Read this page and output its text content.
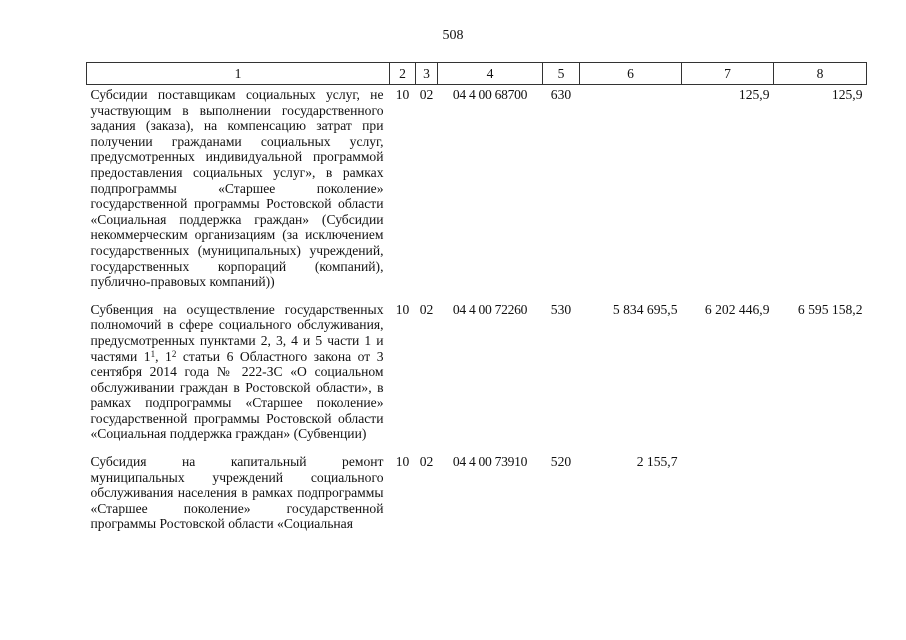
508
1	2	3	4	5	6	7	8
Субсидии поставщикам социальных услуг, не участвующим в выполнении государственного задания (заказа), на компенсацию затрат при получении гражданами социальных услуг, предусмотренных индивидуальной программой предоставления социальных услуг», в рамках подпрограммы «Старшее поколение» государственной программы Ростовской области «Социальная поддержка граждан» (Субсидии некоммерческим организациям (за исключением государственных (муниципальных) учреждений, государственных корпораций (компаний), публично-правовых компаний))	10	02	04 4 00 68700	630		125,9	125,9
Субвенция на осуществление государственных полномочий в сфере социального обслуживания, предусмотренных пунктами 2, 3, 4 и 5 части 1 и частями $1^1$, $1^2$ статьи 6 Областного закона от 3 сентября 2014 года № 222-ЗС «О социальном обслуживании граждан в Ростовской области», в рамках подпрограммы «Старшее поколение» государственной программы Ростовской области «Социальная поддержка граждан» (Субвенции)	10	02	04 4 00 72260	530	5 834 695,5	6 202 446,9	6 595 158,2
Субсидия на капитальный ремонт муниципальных учреждений социального обслуживания населения в рамках подпрограммы «Старшее поколение» государственной программы Ростовской области «Социальная	10	02	04 4 00 73910	520	2 155,7		
